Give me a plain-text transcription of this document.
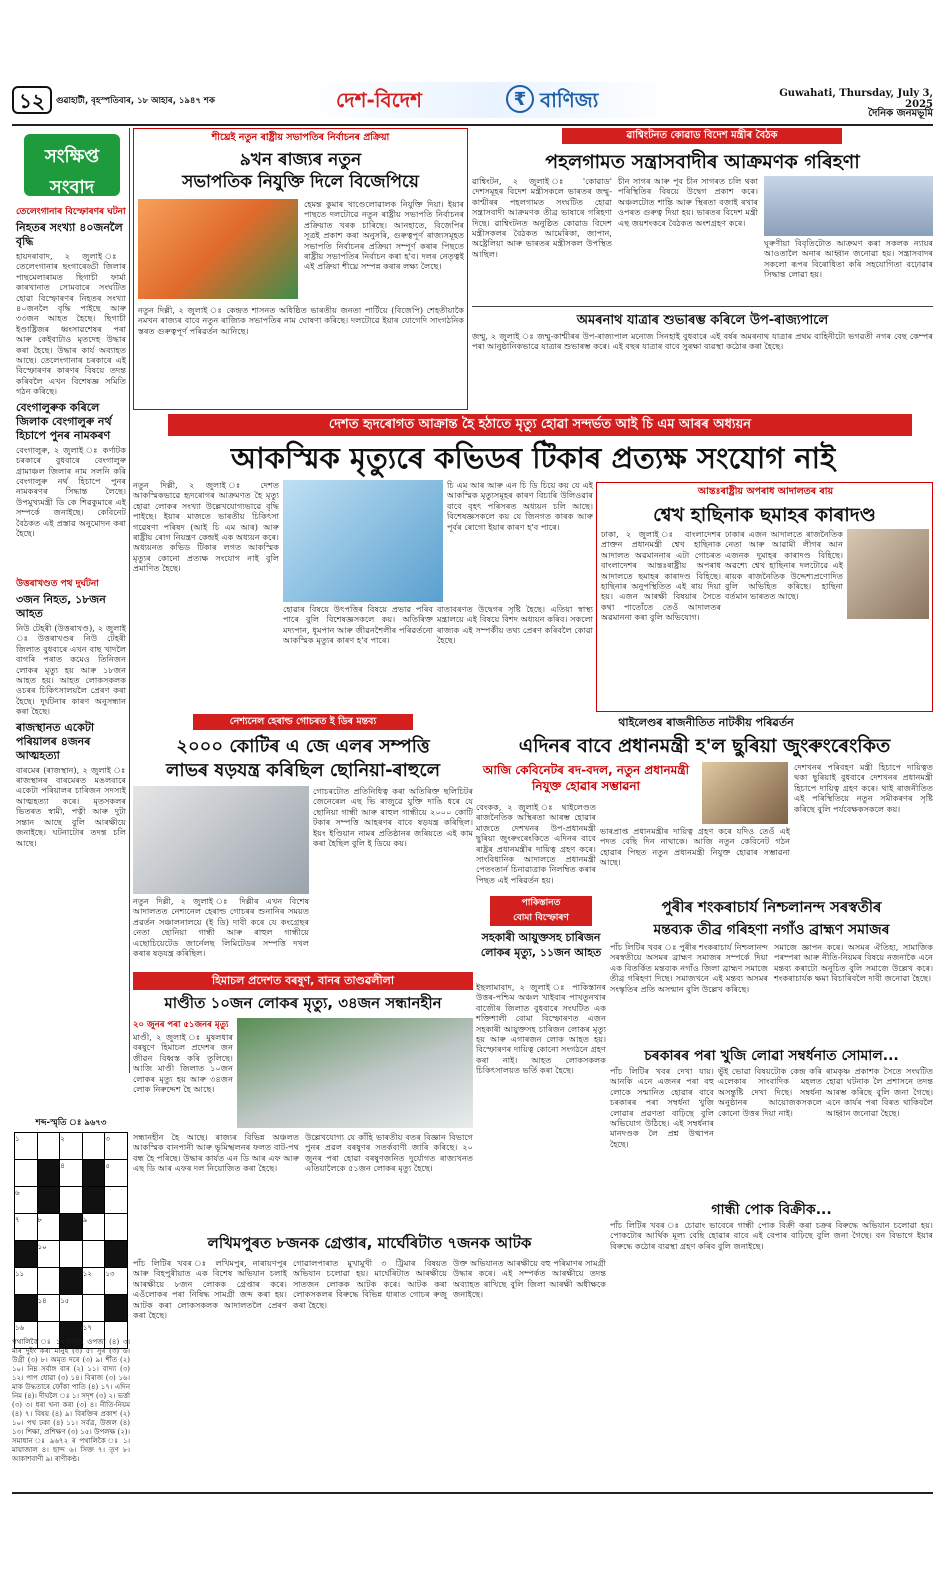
১২	গুৱাহাটী, বৃহস্পতিবাৰ, ১৮ আহাৰ, ১৯৪৭ শক	দেশ-বিদেশ	₹ বাণিজ্য	Guwahati, Thursday, July 3, 2025
দৈনিক জনমভূমি
সংক্ষিপ্ত
সংবাদ
তেলেংগানাৰ বিস্ফোৰণৰ ঘটনা
নিহতৰ সংখ্যা ৪০জনলৈ বৃদ্ধি
হায়দৰাবাদ, ২ জুলাই ঃ তেলেংগানাৰ ছংগাৰেড্ডী জিলাৰ পাছমেলাৰামত ছিগাচী ফাৰ্মা কাৰখানাত সোমবাৰে সংঘটিত হোৱা বিস্ফোৰণৰ নিহতৰ সংখ্যা ৪০জনলৈ বৃদ্ধি পাইছে আৰু ৩৩জন আহত হৈছে। ছিগাচী ইণ্ডাষ্ট্ৰিজৰ ধ্বংসাৱশেষৰ পৰা আৰু কেইবাটাও মৃতদেহ উদ্ধাৰ কৰা হৈছে। উদ্ধাৰ কাৰ্য অব্যাহত আছে। তেলেংগানাৰ চৰকাৰে এই বিস্ফোৰণৰ কাৰণৰ বিষয়ে তদন্ত কৰিবলৈ এখন বিশেষজ্ঞ সমিতি গঠন কৰিছে।
বেংগালুৰুক কৰিলে জিলাক বেংগালুৰু নৰ্থ হিচাপে পুনৰ নামকৰণ
বেংগালুৰু, ২ জুলাই ঃ কৰ্ণাটক চৰকাৰে বুধবাৰে বেংগালুৰু গ্ৰামাঞ্চল জিলাৰ নাম সলনি কৰি বেংগালুৰু নৰ্থ হিচাপে পুনৰ নামকৰণৰ সিদ্ধান্ত লৈছে। উপমুখ্যমন্ত্ৰী ডি কে শিৱকুমাৰে এই সম্পৰ্কে জনাইছে। কেবিনেট বৈঠকত এই প্ৰস্তাৱ অনুমোদন কৰা হৈছে।
উত্তৰাখণ্ডত পথ দুৰ্ঘটনা
৩জন নিহত, ১৮জন আহত
নিউ টেহৰী (উত্তৰাখণ্ড), ২ জুলাই ঃ উত্তৰাখণ্ডৰ নিউ টেহৰী জিলাত বুধবাৰে এখন বাছ খাদলৈ বাগৰি পৰাত কমেও তিনিজন লোকৰ মৃত্যু হয় আৰু ১৮জন আহত হয়। আহত লোকসকলক ওচৰৰ চিকিৎসালয়লৈ প্ৰেৰণ কৰা হৈছে। দুৰ্ঘটনাৰ কাৰণ অনুসন্ধান কৰা হৈছে।
ৰাজস্থানত একেটা পৰিয়ালৰ ৪জনৰ আত্মহত্যা
বাৰমেৰ (ৰাজস্থান), ২ জুলাই ঃ ৰাজস্থানৰ বাৰমেৰত মঙলবাৰে একেটা পৰিয়ালৰ চাৰিজন সদস্যই আত্মহত্যা কৰে। মৃতসকলৰ ভিতৰত স্বামী, পত্নী আৰু দুটা সন্তান আছে বুলি আৰক্ষীয়ে জনাইছে। ঘটনাটোৰ তদন্ত চলি আছে।
শীঘ্ৰেই নতুন ৰাষ্ট্ৰীয় সভাপতিৰ নিৰ্বাচনৰ প্ৰক্ৰিয়া
৯খন ৰাজ্যৰ নতুন
সভাপতিক নিযুক্তি দিলে বিজেপিয়ে
হেমন্ত কুমাৰ খাণ্ডেলোৱালক নিযুক্তি দিয়া। ইয়াৰ পাছতে দলটোৱে নতুন ৰাষ্ট্ৰীয় সভাপতি নিৰ্বাচনৰ প্ৰক্ৰিয়াত খৰক চাৰিছে। আনহাতে, বিজেপিৰ সূত্ৰই প্ৰকাশ কৰা অনুসৰি, গুৰুত্বপূৰ্ণ ৰাজ্যসমূহত সভাপতি নিৰ্বাচনৰ প্ৰক্ৰিয়া সম্পূৰ্ণ কৰাৰ পিছতে ৰাষ্ট্ৰীয় সভাপতিৰ নিৰ্বাচন কৰা হ'ব। দলৰ নেতৃত্বই এই প্ৰক্ৰিয়া শীঘ্ৰে সম্পন্ন কৰাৰ লক্ষ্য লৈছে।
নতুন দিল্লী, ২ জুলাই ঃ কেন্দ্ৰত শাসনত অধিষ্ঠিত ভাৰতীয় জনতা পাৰ্টিয়ে (বিজেপি) শেহতীয়াকৈ নমখন ৰাজ্যৰ বাবে নতুন ৰাজ্যিক সভাপতিৰ নাম ঘোষণা কৰিছে। দলটোৱে ইয়াৰ যোগেদি সাংগঠনিক স্তৰত গুৰুত্বপূৰ্ণ পৰিৱৰ্তন আনিছে।
ৱাশ্বিংটনত কোৱাড বিদেশ মন্ত্ৰীৰ বৈঠক
পহলগামত সন্ত্ৰাসবাদীৰ আক্ৰমণক গৰিহণা
ৱাশ্বিংটন, ২ জুলাই ঃ 'কোৱাড' দেশসমূহৰ বিদেশ মন্ত্ৰীসকলে ভাৰতৰ জম্মু-কাশ্মীৰৰ পহলগামত সংঘটিত হোৱা সন্ত্ৰাসবাদী আক্ৰমণক তীব্ৰ ভাষাৰে গৰিহণা দিছে। ৱাশ্বিংটনত অনুষ্ঠিত কোৱাড বিদেশ মন্ত্ৰীসকলৰ বৈঠকত আমেৰিকা, জাপান, অষ্ট্ৰেলিয়া আৰু ভাৰতৰ মন্ত্ৰীসকল উপস্থিত আছিল।
চীন সাগৰ আৰু পূব চীন সাগৰত চলি থকা পৰিস্থিতিৰ বিষয়ে উদ্বেগ প্ৰকাশ কৰে। অঞ্চলটোত শান্তি আৰু স্থিৰতা বজাই ৰখাৰ ওপৰত গুৰুত্ব দিয়া হয়। ভাৰতৰ বিদেশ মন্ত্ৰী এছ জয়শংকৰে বৈঠকত অংশগ্ৰহণ কৰে।
ঘূৰুণীয়া বিবৃতিটোত আক্ৰমণ কৰা সকলক ন্যায়ৰ আওতালৈ অনাৰ আহ্বান জনোৱা হয়। সন্ত্ৰাসবাদৰ সকলো ৰূপৰ বিৰোধিতা কৰি সহযোগিতা বঢ়োৱাৰ সিদ্ধান্ত লোৱা হয়।
অমৰনাথ যাত্ৰাৰ শুভাৰম্ভ কৰিলে উপ-ৰাজ্যপালে
জম্মু, ২ জুলাই ঃ জম্মু-কাশ্মীৰৰ উপ-ৰাজ্যপাল মনোজ সিনহাই বুধবাৰে এই বৰ্ষৰ অমৰনাথ যাত্ৰাৰ প্ৰথম বাহিনীটো ভগৱতী নগৰ বেছ কেম্পৰ পৰা আনুষ্ঠানিকভাৱে যাত্ৰাৰ শুভাৰম্ভ কৰে। এই বছৰ যাত্ৰাৰ বাবে সুৰক্ষা ব্যৱস্থা কঠোৰ কৰা হৈছে।
দেশত হৃদৰোগত আক্ৰান্ত হৈ হঠাতে মৃত্যু হোৱা সন্দৰ্ভত আই চি এম আৰৰ অধ্যয়ন
আকস্মিক মৃত্যুৰে কভিডৰ টিকাৰ প্ৰত্যক্ষ সংযোগ নাই
নতুন দিল্লী, ২ জুলাই ঃ দেশত আকস্মিকভাৱে হৃদৰোগৰ আক্ৰমণত হৈ মৃত্যু হোৱা লোকৰ সংখ্যা উল্লেখযোগ্যভাৱে বৃদ্ধি পাইছে। ইয়াৰ মাজতে ভাৰতীয় চিকিৎসা গৱেষণা পৰিষদ (আই চি এম আৰ) আৰু ৰাষ্ট্ৰীয় ৰোগ নিয়ন্ত্ৰণ কেন্দ্ৰই এক অধ্যয়ন কৰে। অধ্যয়নত কভিড টিকাৰ লগত আকস্মিক মৃত্যুৰ কোনো প্ৰত্যক্ষ সংযোগ নাই বুলি প্ৰমাণিত হৈছে।
হোৱাৰ বিষয়ে উৎপত্তিৰ বিষয়ে প্ৰভাৱ পৰিব পাৰে বুলি বিশেষজ্ঞসকলে কয়। অতিৰিক্ত মদ্যপান, ধূমপান আৰু জীৱনশৈলীৰ পৰিৱৰ্তনো আকস্মিক মৃত্যুৰ কাৰণ হ'ব পাৰে।
বাতাবৰণত উদ্বেগৰ সৃষ্টি হৈছে। এতিয়া স্বাস্থ্য মন্ত্ৰালয়ে এই বিষয়ে বিশদ অধ্যয়ন কৰিব। সকলো ৰাজ্যক এই সম্পৰ্কীয় তথ্য প্ৰেৰণ কৰিবলৈ কোৱা হৈছে।
চি এম আৰ আৰু এন চি ডি চিয়ে কয় যে এই আকস্মিক মৃত্যুসমূহৰ কাৰণ বিচাৰি উলিওৱাৰ বাবে বৃহৎ পৰিসৰত অধ্যয়ন চলি আছে। বিশেষজ্ঞসকলে কয় যে জিনগত কাৰক আৰু পূৰ্বৰ ৰোগো ইয়াৰ কাৰণ হ'ব পাৰে।
আন্তঃৰাষ্ট্ৰীয় অপৰাধ আদালতৰ ৰায়
শ্বেখ হাছিনাক ছমাহৰ কাৰাদণ্ড
ঢাকা, ২ জুলাই ঃ বাংলাদেশৰ প্ৰাক্তন প্ৰধানমন্ত্ৰী শ্বেখ হাছিনাক আদালত অৱমাননাৰ এটা গোচৰত বাংলাদেশৰ আন্তঃৰাষ্ট্ৰীয় অপৰাধ আদালতে ছমাহৰ কাৰাদণ্ড বিহিছে। হাছিনাৰ অনুপস্থিতিত এই ৰায় দিয়া হয়। এজন আৰক্ষী বিষয়াৰ সৈতে কথা পাতোঁতে তেওঁ আদালতৰ অৱমাননা কৰা বুলি অভিযোগ।
ঢাকাৰ এজন আদালতে ৰাজনৈতিক নেতা আৰু আৱামী লীগৰ আন এজনক দুমাহৰ কাৰাদণ্ড বিহিছে। অৱশ্যে শ্বেখ হাছিনাৰ দলটোৱে এই ৰায়ক ৰাজনৈতিক উদ্দেশ্যপ্ৰণোদিত বুলি অভিহিত কৰিছে। হাছিনা বৰ্তমান ভাৰতত আছে।
নেশ্যনেল হেৰাল্ড গোচৰত ই ডিৰ মন্তব্য
২০০০ কোটিৰ এ জে এলৰ সম্পত্তি
লাভৰ ষড়যন্ত্ৰ কৰিছিল ছোনিয়া-ৰাহুলে
গোচৰটোত প্ৰতিনিধিত্ব কৰা অতিৰিক্ত ছলিচিটৰ জেনেৰেল এছ ভি ৰাজুৱে যুক্তি দাঙি ধৰে যে ছোনিয়া গান্ধী আৰু ৰাহুল গান্ধীয়ে ২০০০ কোটি টকাৰ সম্পত্তি আহৰণৰ বাবে ষড়যন্ত্ৰ কৰিছিল। ইয়ং ইণ্ডিয়ান নামৰ প্ৰতিষ্ঠানৰ জৰিয়তে এই কাম কৰা হৈছিল বুলি ই ডিয়ে কয়।
নতুন দিল্লী, ২ জুলাই ঃ দিল্লীৰ এখন বিশেষ আদালতত নেশ্যনেল হেৰাল্ড গোচৰৰ শুনানিৰ সময়ত প্ৰৱৰ্তন সঞ্চালনালয়ে (ই ডি) দাবী কৰে যে কংগ্ৰেছৰ নেতা ছোনিয়া গান্ধী আৰু ৰাহুল গান্ধীয়ে এছোচিয়েটেড জাৰ্নেলছ লিমিটেডৰ সম্পত্তি দখল কৰাৰ ষড়যন্ত্ৰ কৰিছিল।
থাইলেণ্ডৰ ৰাজনীতিত নাটকীয় পৰিৱৰ্তন
এদিনৰ বাবে প্ৰধানমন্ত্ৰী হ'ল ছুৰিয়া জুংৰুংৰেংকিত
আজি কেবিনেটৰ ৰদ-বদল, নতুন প্ৰধানমন্ত্ৰী নিযুক্ত হোৱাৰ সম্ভাৱনা
বেংকক, ২ জুলাই ঃ থাইলেণ্ডত ৰাজনৈতিক অস্থিৰতা আৰম্ভ হোৱাৰ মাজতে দেশখনৰ উপ-প্ৰধানমন্ত্ৰী ছুৰিয়া জুংৰুংৰেংকিতে এদিনৰ বাবে ৰাষ্ট্ৰৰ প্ৰধানমন্ত্ৰীৰ দায়িত্ব গ্ৰহণ কৰে। সাংবিধানিক আদালতে প্ৰধানমন্ত্ৰী পেতংতাৰ্ন চিনাৱাত্ৰাক নিলম্বিত কৰাৰ পিছত এই পৰিৱৰ্তন হয়।
ভাৰপ্ৰাপ্ত প্ৰধানমন্ত্ৰীৰ দায়িত্ব গ্ৰহণ কৰে যদিও তেওঁ এই পদত বেছি দিন নাথাকে। আজি নতুন কেবিনেট গঠন হোৱাৰ পিছত নতুন প্ৰধানমন্ত্ৰী নিযুক্ত হোৱাৰ সম্ভাৱনা আছে।
দেশখনৰ পৰিবহণ মন্ত্ৰী হিচাপে দায়িত্বত থকা ছুৰিয়াই বুধবাৰে দেশখনৰ প্ৰধানমন্ত্ৰী হিচাপে দায়িত্ব গ্ৰহণ কৰে। থাই ৰাজনীতিত এই পৰিস্থিতিয়ে নতুন সমীকৰণৰ সৃষ্টি কৰিছে বুলি পৰ্যবেক্ষকসকলে কয়।
পাকিস্তানত
বোমা বিস্ফোৰণ
সহকাৰী আয়ুক্তসহ চাৰিজন লোকৰ মৃত্যু, ১১জন আহত
ইছলামাবাদ, ২ জুলাই ঃ পাকিস্তানৰ উত্তৰ-পশ্চিম অঞ্চল খাইবাৰ পাখতুনখাৰ বাজৌৰ জিলাত বুধবাৰে সংঘটিত এক শক্তিশালী বোমা বিস্ফোৰণত এজন সহকাৰী আয়ুক্তসহ চাৰিজন লোকৰ মৃত্যু হয় আৰু এগাৰজন লোক আহত হয়। বিস্ফোৰণৰ দায়িত্ব কোনো সংগঠনে গ্ৰহণ কৰা নাই। আহত লোকসকলক চিকিৎসালয়ত ভৰ্তি কৰা হৈছে।
হিমাচল প্ৰদেশত বৰষুণ, বানৰ তাণ্ডৱলীলা
মাণ্ডীত ১০জন লোকৰ মৃত্যু, ৩৪জন সন্ধানহীন
২০ জুনৰ পৰা ৫১জনৰ মৃত্যু
মাণ্ডী, ২ জুলাই ঃ মুষলধাৰ বৰষুণে হিমাচল প্ৰদেশৰ জন জীৱন বিধ্বস্ত কৰি তুলিছে। আজি মাণ্ডী জিলাত ১০জন লোকৰ মৃত্যু হয় আৰু ৩৪জন লোক নিৰুদ্দেশ হৈ আছে।
সন্ধানহীন হৈ আছে। ৰাজ্যৰ বিভিন্ন অঞ্চলত আকস্মিক বানপানী আৰু ভূমিস্খলনৰ ফলত বাট-পথ বন্ধ হৈ পৰিছে। উদ্ধাৰ কাৰ্যত এন ডি আৰ এফ আৰু এছ ডি আৰ এফৰ দল নিয়োজিত কৰা হৈছে।
উল্লেখযোগ্য যে কাঁহি ভাৰতীয় বতৰ বিজ্ঞান বিভাগে পুনৰ প্ৰৱল বৰষুণৰ সতৰ্কবাণী জাৰি কৰিছে। ২০ জুনৰ পৰা হোৱা বৰষুণজনিত দুৰ্যোগত ৰাজ্যখনত এতিয়ালৈকে ৫১জন লোকৰ মৃত্যু হৈছে।
পুৰীৰ শংকৰাচাৰ্য নিশ্চলানন্দ সৰস্বতীৰ
মন্তব্যক তীব্ৰ গৰিহণা নগাঁও ব্ৰাহ্মণ সমাজৰ
পাঁচ লিটিৰ খবৰ ঃ পুৰীৰ শংকৰাচাৰ্য নিশ্চলানন্দ সৰস্বতীয়ে অসমৰ ব্ৰাহ্মণ সমাজৰ সম্পৰ্কে দিয়া এক বিতৰ্কিত মন্তব্যক নগাঁও জিলা ব্ৰাহ্মণ সমাজে তীব্ৰ গৰিহণা দিছে। সমাজখনে এই মন্তব্য অসমৰ সংস্কৃতিৰ প্ৰতি অসন্মান বুলি উল্লেখ কৰিছে।
সমাজে জ্ঞাপন কৰে। অসমৰ ঐতিহ্য, সামাজিক পৰম্পৰা আৰু নীতি-নিয়মৰ বিষয়ে নজনাকৈ এনে মন্তব্য কৰাটো অনুচিত বুলি সমাজে উল্লেখ কৰে। শংকৰাচাৰ্যক ক্ষমা বিচাৰিবলৈ দাবী জনোৱা হৈছে।
চৰকাৰৰ পৰা খুজি লোৱা সম্বৰ্ধনাত সোমাল...
পাঁচ লিটিৰ খবৰ দেখা যায়। আনকি এনে এজনৰ পৰা বহু লোকে সন্মানিত হোৱাৰ বাবে চৰকাৰৰ পৰা সম্বৰ্ধনা খুজি লোৱাৰ প্ৰৱণতা বাঢ়িছে বুলি অভিযোগ উঠিছে। এই সম্বৰ্ধনাৰ মানদণ্ডক লৈ প্ৰশ্ন উত্থাপন হৈছে।
ভুঁই ভোৱা বিষয়টোক কেন্দ্ৰ কৰি এলেকাৰ সাংবাদিক মহলত অসন্তুষ্টি দেখা দিছে। সম্বৰ্ধনা অনুষ্ঠানৰ আয়োজকসকলে কোনো উত্তৰ দিয়া নাই।
ৰামকৃষ্ণ প্ৰকাশক সৈতে সংঘটিত হোৱা ঘটনাক লৈ প্ৰশাসনে তদন্ত আৰম্ভ কৰিছে বুলি জনা গৈছে। এনে কাৰ্যৰ পৰা বিৰত থাকিবলৈ আহ্বান জনোৱা হৈছে।
গান্ধী পোক বিক্ৰীক...
পাঁচ লিটিৰ খবৰ ঃ চোৱাং ভাবেৰে গান্ধী পোক বিক্ৰী কৰা চক্ৰৰ বিৰুদ্ধে অভিযান চলোৱা হয়। পোকটোৰ আৰ্থিক মূল্য বেছি হোৱাৰ বাবে এই বেপাৰ বাঢ়িছে বুলি জনা গৈছে। বন বিভাগে ইয়াৰ বিৰুদ্ধে কঠোৰ ব্যৱস্থা গ্ৰহণ কৰিব বুলি জনাইছে।
লখিমপুৰত ৮জনক গ্ৰেপ্তাৰ, মাৰ্ঘেৰিটাত ৭জনক আটক
পাঁচ লিটিৰ খবৰ ঃ লখিমপুৰ, নাৰায়ণপুৰ আৰু বিহপুৰীয়াত এক বিশেষ অভিযান চলাই আৰক্ষীয়ে ৮জন লোকক গ্ৰেপ্তাৰ কৰে। এওঁলোকৰ পৰা নিষিদ্ধ সামগ্ৰী জব্দ কৰা হয়। আটক কৰা লোকসকলক আদালতলৈ প্ৰেৰণ কৰা হৈছে।
গোৱালপাৰাত মুখামুখী ৩ ট্ৰিমাৰ বিষয়ত অভিযান চলোৱা হয়। মাৰ্ঘেৰিটাত আৰক্ষীয়ে সাতজন লোকক আটক কৰে। আটক কৰা লোকসকলৰ বিৰুদ্ধে বিভিন্ন ধাৰাত গোচৰ ৰুজু কৰা হৈছে।
উক্ত অভিযানত আৰক্ষীয়ে বহু পৰিমাণৰ সামগ্ৰী উদ্ধাৰ কৰে। এই সম্পৰ্কত আৰক্ষীয়ে তদন্ত অব্যাহত ৰাখিছে বুলি জিলা আৰক্ষী অধীক্ষকে জনাইছে।
শব্দ-স্মৃতি ঃ ৯৬৭৩
১		২		৩
		৪		৫
৬				
৭	৮		৯	
	১০			
১১			১২	১৩
	১৪	১৫		
১৬			১৭	
পথালিকৈ ঃ ১। সন্দেহ ওপজা (৪) ৩। মাৰ দুইং কৰা মানুহ (৩) ৫। সুৰ (৩) ৬। উগ্ৰী (৩) ৮। অমৃত দৰে (৩) ৯। শীঁত (২) ১০। নিম্ন সৰ্বাঙ্গ বাৰ (২) ১১। বাদ্য্য (৩) ১২। পাপ ধোৱা (৩) ১৪। বিৰাজ (৩) ১৬। মাক উদ্ধতাৰে ফোঁকা পাতি (৪) ১৭। এদিন নিম (৪)। দীঘলৈ ঃ ১। সদৃশ (৩) ২। ভৰ্ত্তা (৩) ৩। ধৰা খনা কৰা (৩) ৪। নীতি-নিয়ম (৪) ৭। বিষয় (৪) ৯। বিৰক্তিৰ প্ৰকাশ (২) ১০। পথ ঢকা (৪) ১১। সৰ্বত্ৰ, উজল (৪) ১৩। শিক্ষা, প্ৰশিক্ষণ (৩) ১৫। উপলক্ষ (২)। সমাধান ঃ ৯৬৭২ ৰ পথালিকৈ ঃ ১। মায়াজাল ৪। ছান্দ ৬। সিক্ত ৭। তৃণ ৮। আকাশবাণী ৯। ৰাণীকণ্ঠ।
